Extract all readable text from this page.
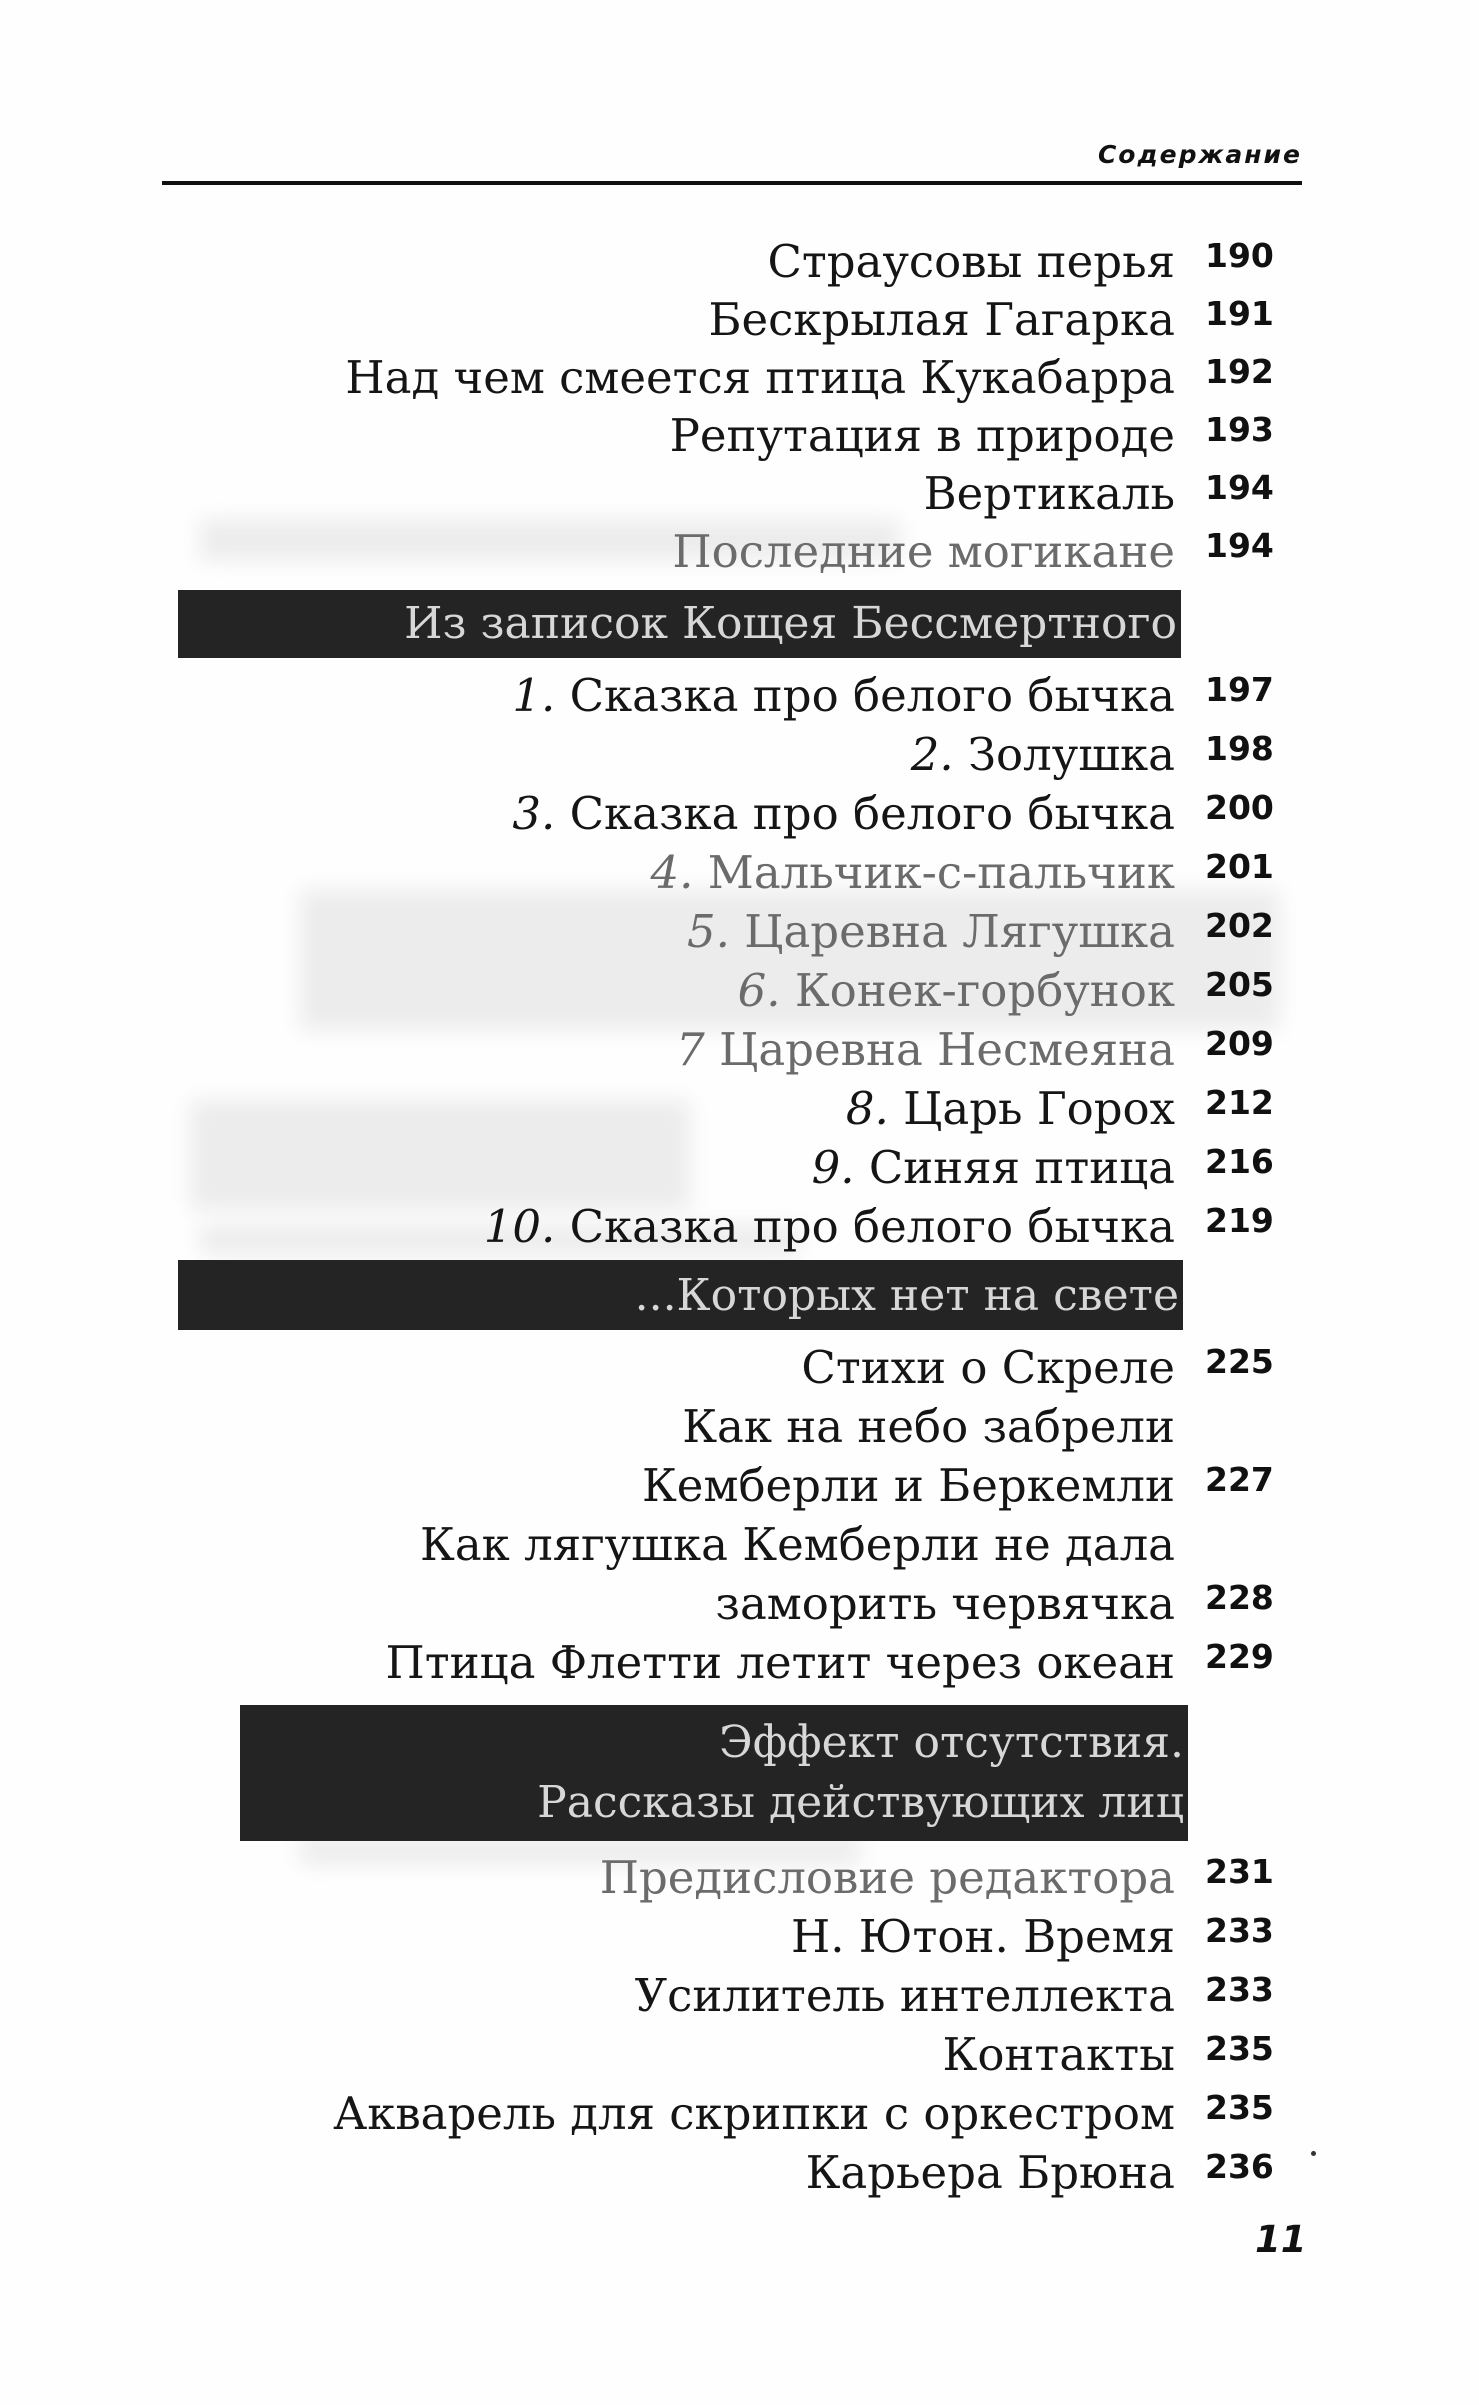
Содержание
Страусовы перья 190
Бескрылая Гагарка 191
Над чем смеется птица Кукабарра 192
Репутация в природе 193
Вертикаль 194
Последние могикане 194
Из записок Кощея Бессмертного
1. Сказка про белого бычка 197
2. Золушка 198
3. Сказка про белого бычка 200
4. Мальчик-с-пальчик 201
5. Царевна Лягушка 202
6. Конек-горбунок 205
7 Царевна Несмеяна 209
8. Царь Горох 212
9. Синяя птица 216
10. Сказка про белого бычка 219
...Которых нет на свете
Стихи о Скреле 225
Как на небо забрели
Кемберли и Беркемли 227
Как лягушка Кемберли не дала
заморить червячка 228
Птица Флетти летит через океан 229
Эффект отсутствия.
Рассказы действующих лиц
Предисловие редактора 231
Н. Ютон. Время 233
Усилитель интеллекта 233
Контакты 235
Акварель для скрипки с оркестром 235
Карьера Брюна 236
11
